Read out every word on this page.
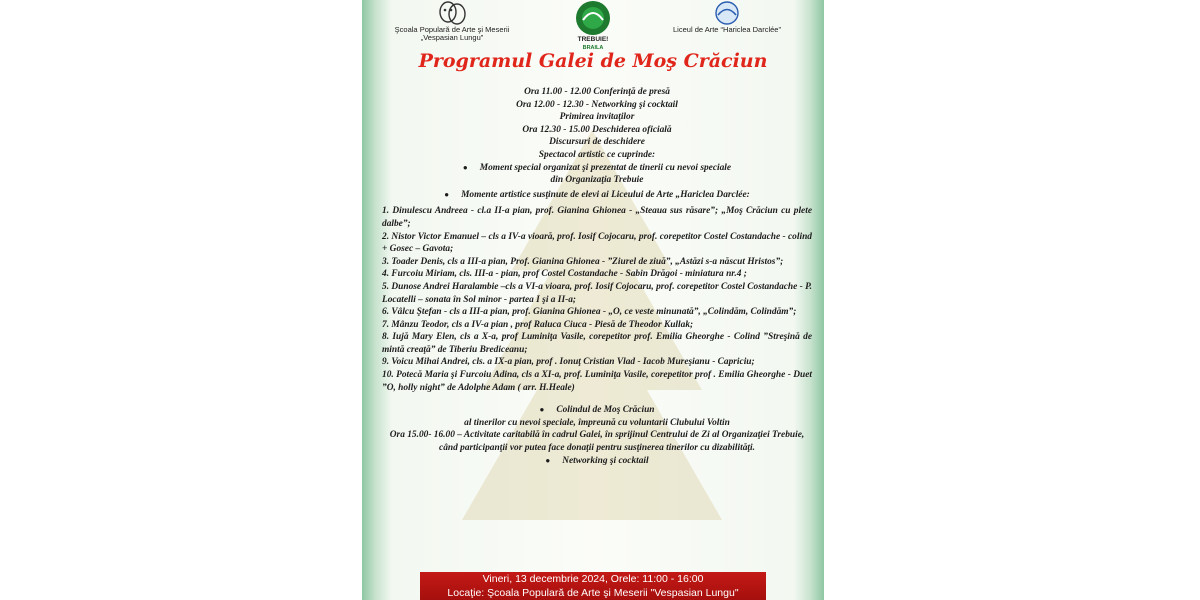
Şcoala Populară de Arte şi Meserii
„Vespasian Lungu”	TREBUIE!
BRAILA
Liceul de Arte “Hariclea Darclée”
Programul Galei de Moş Crăciun
Ora 11.00 - 12.00 Conferinţă de presă
Ora 12.00 - 12.30 - Networking şi cocktail
Primirea invitaţilor
Ora 12.30 - 15.00 Deschiderea oficială
Discursuri de deschidere
Spectacol artistic ce cuprinde:
● Moment special organizat şi prezentat de tinerii cu nevoi speciale
din Organizaţia Trebuie
● Momente artistice susţinute de elevi ai Liceului de Arte „Hariclea Darclée:
1. Dinulescu Andreea - cl.a II-a pian, prof. Gianina Ghionea - „Steaua sus răsare”; „Moş Crăciun cu plete dalbe”;
2. Nistor Victor Emanuel – cls a IV-a vioară, prof. Iosif Cojocaru, prof. corepetitor Costel Costandache - colind + Gosec – Gavota;
3. Toader Denis, cls a III-a pian, Prof. Gianina Ghionea - ”Ziurel de ziuă”, „Astăzi s-a născut Hristos”;
4. Furcoiu Miriam, cls. III-a - pian, prof Costel Costandache - Sabin Drăgoi - miniatura nr.4 ;
5. Dunose Andrei Haralambie –cls a VI-a vioara, prof. Iosif Cojocaru, prof. corepetitor Costel Costandache - P. Locatelli – sonata în Sol minor - partea I şi a II-a;
6. Vâlcu Ştefan - cls a III-a pian, prof. Gianina Ghionea - „O, ce veste minunată”, „Colindăm, Colindăm”;
7. Mânzu Teodor, cls a IV-a pian , prof Raluca Ciuca - Piesă de Theodor Kullak;
8. Iujă Mary Elen, cls a X-a, prof Luminiţa Vasile, corepetitor prof. Emilia Gheorghe - Colind ”Streşină de mintă creaţă” de Tiberiu Brediceanu;
9. Voicu Mihai Andrei, cls. a IX-a pian, prof . Ionuţ Cristian Vlad - Iacob Mureşianu - Capriciu;
10. Potecă Maria şi Furcoiu Adina, cls a XI-a, prof. Luminiţa Vasile, corepetitor prof . Emilia Gheorghe - Duet ”O, holly night” de Adolphe Adam ( arr. H.Heale)
● Colindul de Moş Crăciun
al tinerilor cu nevoi speciale, împreună cu voluntarii Clubului Voltin
Ora 15.00- 16.00 – Activitate caritabilă în cadrul Galei, în sprijinul Centrului de Zi al Organizaţiei Trebuie, când participanţii vor putea face donaţii pentru susţinerea tinerilor cu dizabilităţi.
● Networking şi cocktail
Vineri, 13 decembrie 2024, Orele: 11:00 - 16:00
Locaţie: Şcoala Populară de Arte şi Meserii "Vespasian Lungu"
